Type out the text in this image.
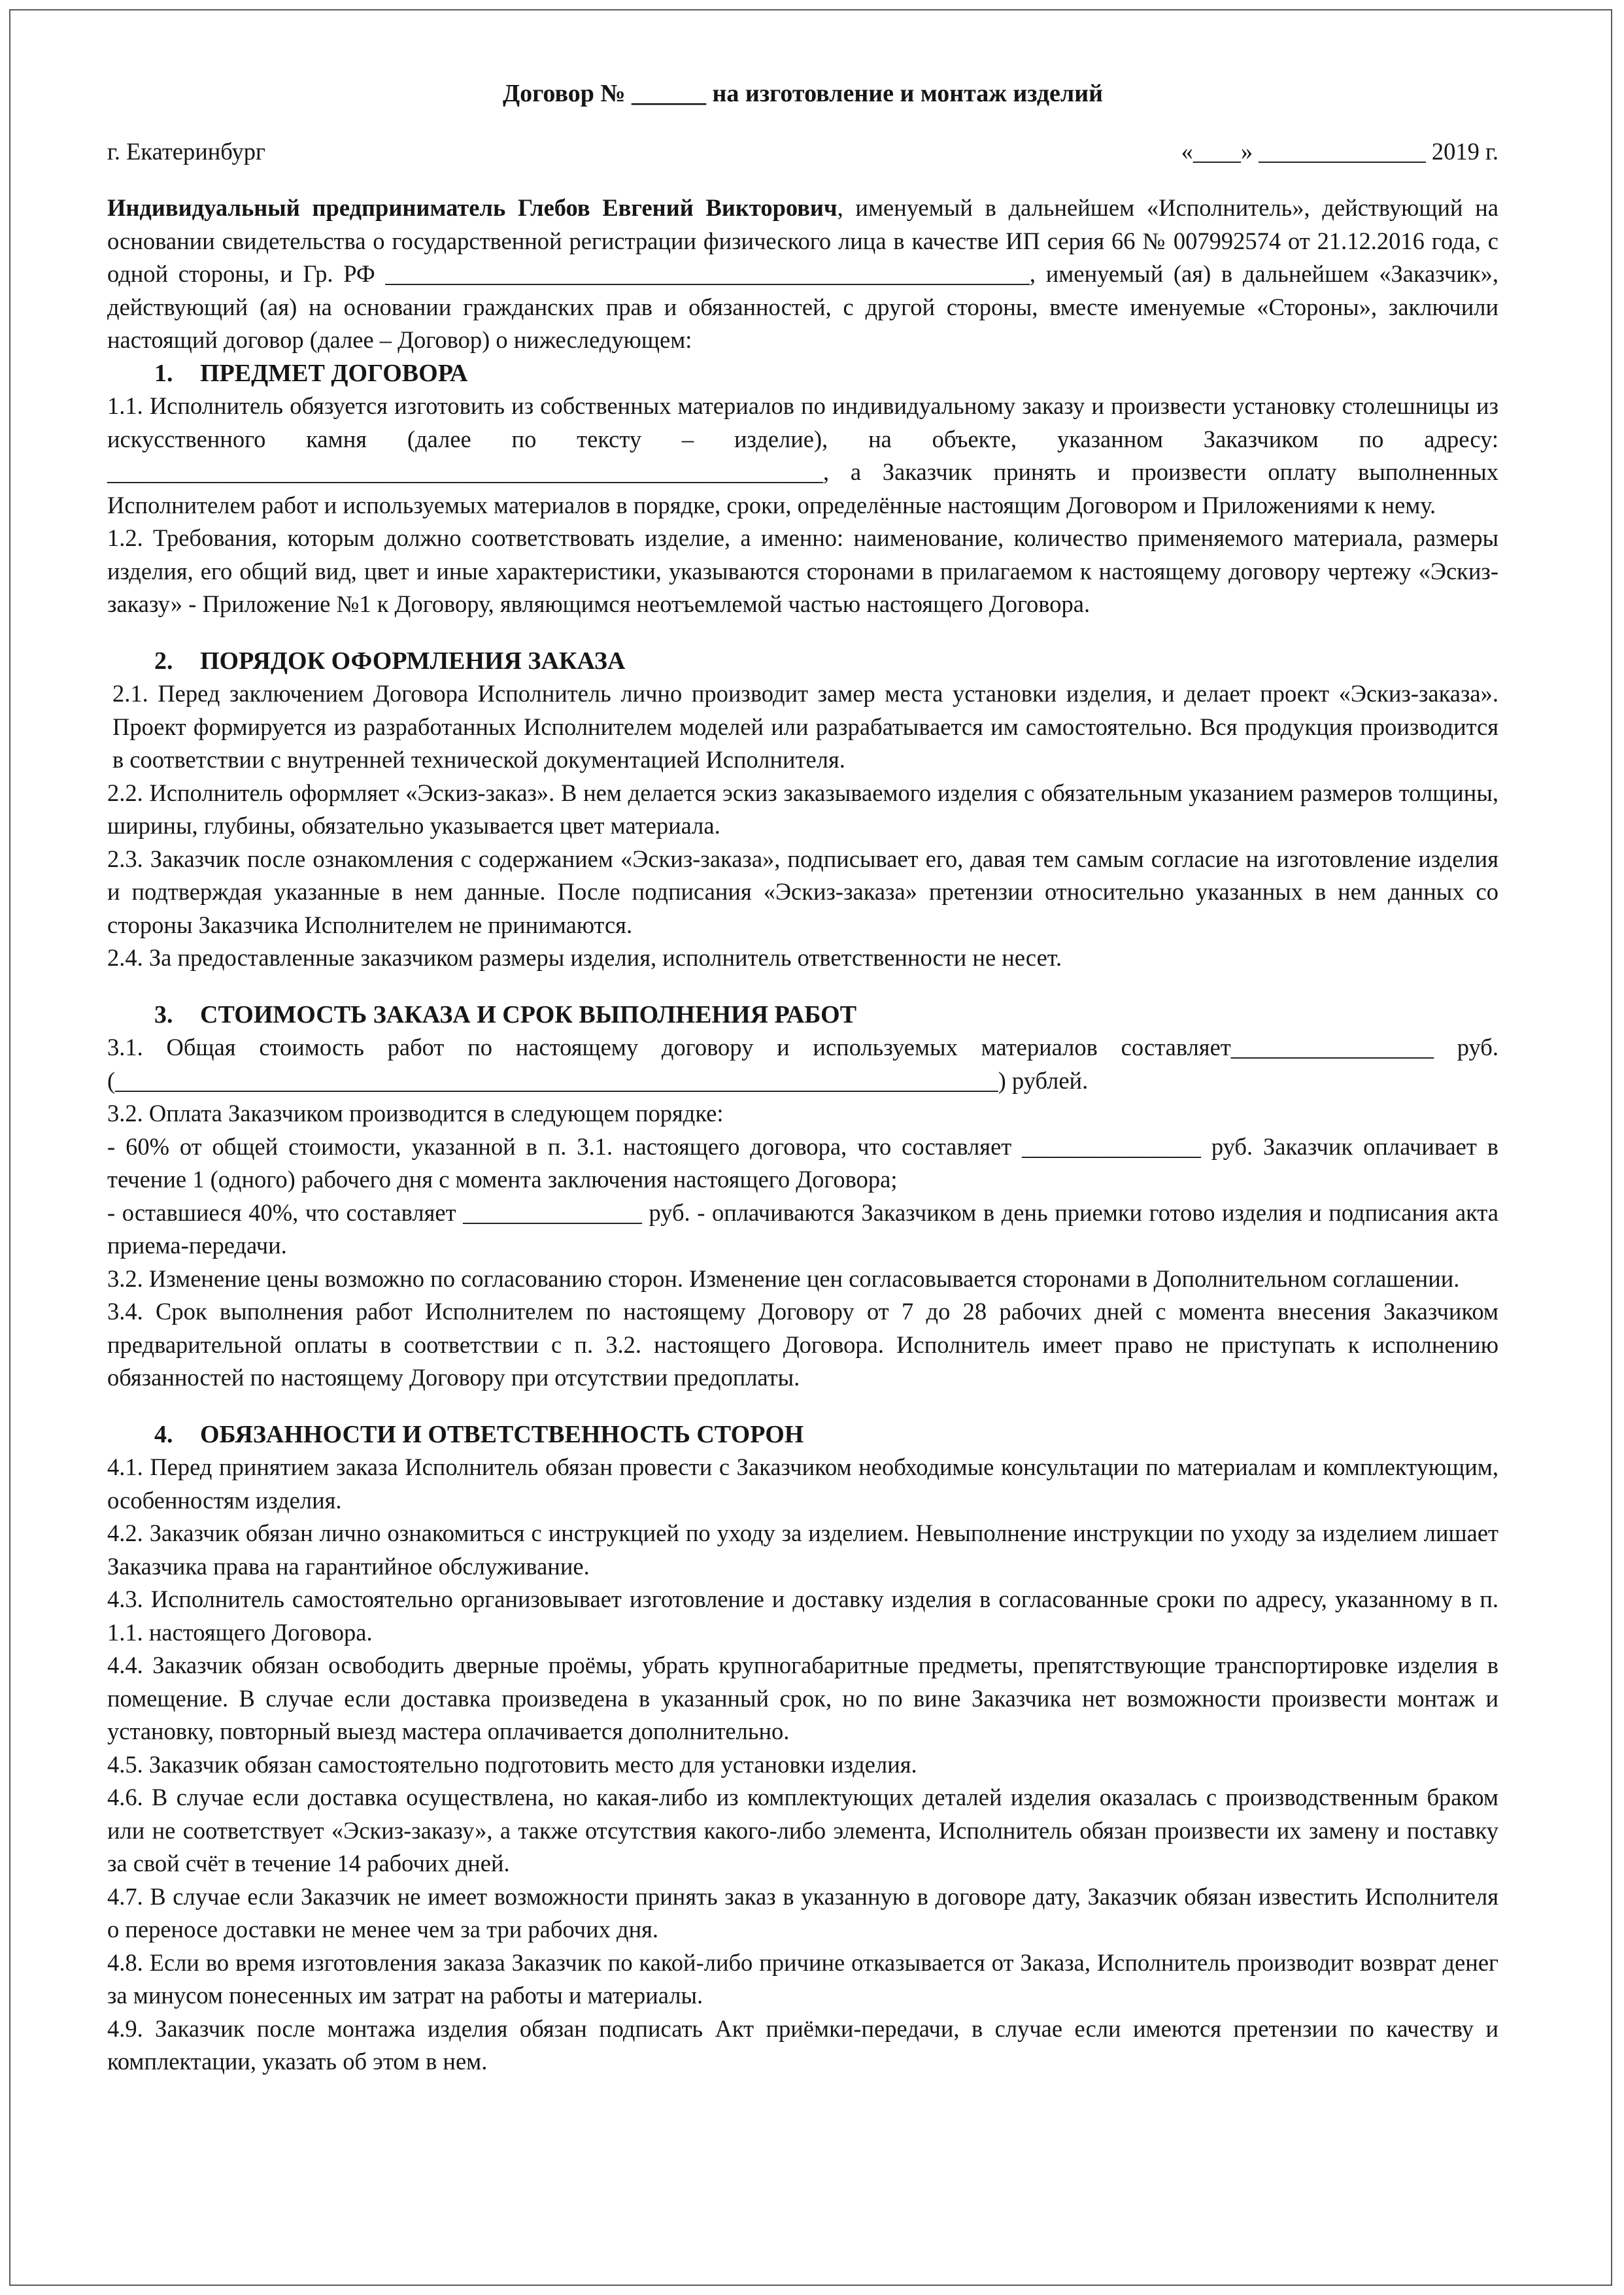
Договор № ______ на изготовление и монтаж изделий
г. Екатеринбург	«____» ______________ 2019 г.

Индивидуальный предприниматель Глебов Евгений Викторович, именуемый в дальнейшем «Исполнитель», действующий на основании свидетельства о государственной регистрации физического лица в качестве ИП серия 66 № 007992574 от 21.12.2016 года, с одной стороны, и Гр. РФ ______________________________________________________, именуемый (ая) в дальнейшем «Заказчик», действующий (ая) на основании гражданских прав и обязанностей, с другой стороны, вместе именуемые «Стороны», заключили настоящий договор (далее – Договор) о нижеследующем:

1. ПРЕДМЕТ ДОГОВОРА

1.1. Исполнитель обязуется изготовить из собственных материалов по индивидуальному заказу и произвести установку столешницы из искусственного камня (далее по тексту – изделие), на объекте, указанном Заказчиком по адресу: ____________________________________________________________, а Заказчик принять и произвести оплату выполненных Исполнителем работ и используемых материалов в порядке, сроки, определённые настоящим Договором и Приложениями к нему.

1.2. Требования, которым должно соответствовать изделие, а именно: наименование, количество применяемого материала, размеры изделия, его общий вид, цвет и иные характеристики, указываются сторонами в прилагаемом к настоящему договору чертежу «Эскиз-заказу» - Приложение №1 к Договору, являющимся неотъемлемой частью настоящего Договора.

2. ПОРЯДОК ОФОРМЛЕНИЯ ЗАКАЗА

2.1. Перед заключением Договора Исполнитель лично производит замер места установки изделия, и делает проект «Эскиз-заказа». Проект формируется из разработанных Исполнителем моделей или разрабатывается им самостоятельно. Вся продукция производится в соответствии с внутренней технической документацией Исполнителя.

2.2. Исполнитель оформляет «Эскиз-заказ». В нем делается эскиз заказываемого изделия с обязательным указанием размеров толщины, ширины, глубины, обязательно указывается цвет материала.

2.3. Заказчик после ознакомления с содержанием «Эскиз-заказа», подписывает его, давая тем самым согласие на изготовление изделия и подтверждая указанные в нем данные. После подписания «Эскиз-заказа» претензии относительно указанных в нем данных со стороны Заказчика Исполнителем не принимаются.

2.4. За предоставленные заказчиком размеры изделия, исполнитель ответственности не несет.

3. СТОИМОСТЬ ЗАКАЗА И СРОК ВЫПОЛНЕНИЯ РАБОТ

3.1. Общая стоимость работ по настоящему договору и используемых материалов составляет_________________ руб. (__________________________________________________________________________) рублей.

3.2. Оплата Заказчиком производится в следующем порядке:

- 60% от общей стоимости, указанной в п. 3.1. настоящего договора, что составляет _______________ руб. Заказчик оплачивает в течение 1 (одного) рабочего дня с момента заключения настоящего Договора;

- оставшиеся 40%, что составляет _______________ руб. - оплачиваются Заказчиком в день приемки готово изделия и подписания акта приема-передачи.

3.2. Изменение цены возможно по согласованию сторон. Изменение цен согласовывается сторонами в Дополнительном соглашении.

3.4. Срок выполнения работ Исполнителем по настоящему Договору от 7 до 28 рабочих дней с момента внесения Заказчиком предварительной оплаты в соответствии с п. 3.2. настоящего Договора. Исполнитель имеет право не приступать к исполнению обязанностей по настоящему Договору при отсутствии предоплаты.

4. ОБЯЗАННОСТИ И ОТВЕТСТВЕННОСТЬ СТОРОН

4.1. Перед принятием заказа Исполнитель обязан провести с Заказчиком необходимые консультации по материалам и комплектующим, особенностям изделия.

4.2. Заказчик обязан лично ознакомиться с инструкцией по уходу за изделием. Невыполнение инструкции по уходу за изделием лишает Заказчика права на гарантийное обслуживание.

4.3. Исполнитель самостоятельно организовывает изготовление и доставку изделия в согласованные сроки по адресу, указанному в п. 1.1. настоящего Договора.

4.4. Заказчик обязан освободить дверные проёмы, убрать крупногабаритные предметы, препятствующие транспортировке изделия в помещение. В случае если доставка произведена в указанный срок, но по вине Заказчика нет возможности произвести монтаж и установку, повторный выезд мастера оплачивается дополнительно.

4.5. Заказчик обязан самостоятельно подготовить место для установки изделия.

4.6. В случае если доставка осуществлена, но какая-либо из комплектующих деталей изделия оказалась с производственным браком или не соответствует «Эскиз-заказу», а также отсутствия какого-либо элемента, Исполнитель обязан произвести их замену и поставку за свой счёт в течение 14 рабочих дней.

4.7. В случае если Заказчик не имеет возможности принять заказ в указанную в договоре дату, Заказчик обязан известить Исполнителя о переносе доставки не менее чем за три рабочих дня.

4.8. Если во время изготовления заказа Заказчик по какой-либо причине отказывается от Заказа, Исполнитель производит возврат денег за минусом понесенных им затрат на работы и материалы.

4.9. Заказчик после монтажа изделия обязан подписать Акт приёмки-передачи, в случае если имеются претензии по качеству и комплектации, указать об этом в нем.
